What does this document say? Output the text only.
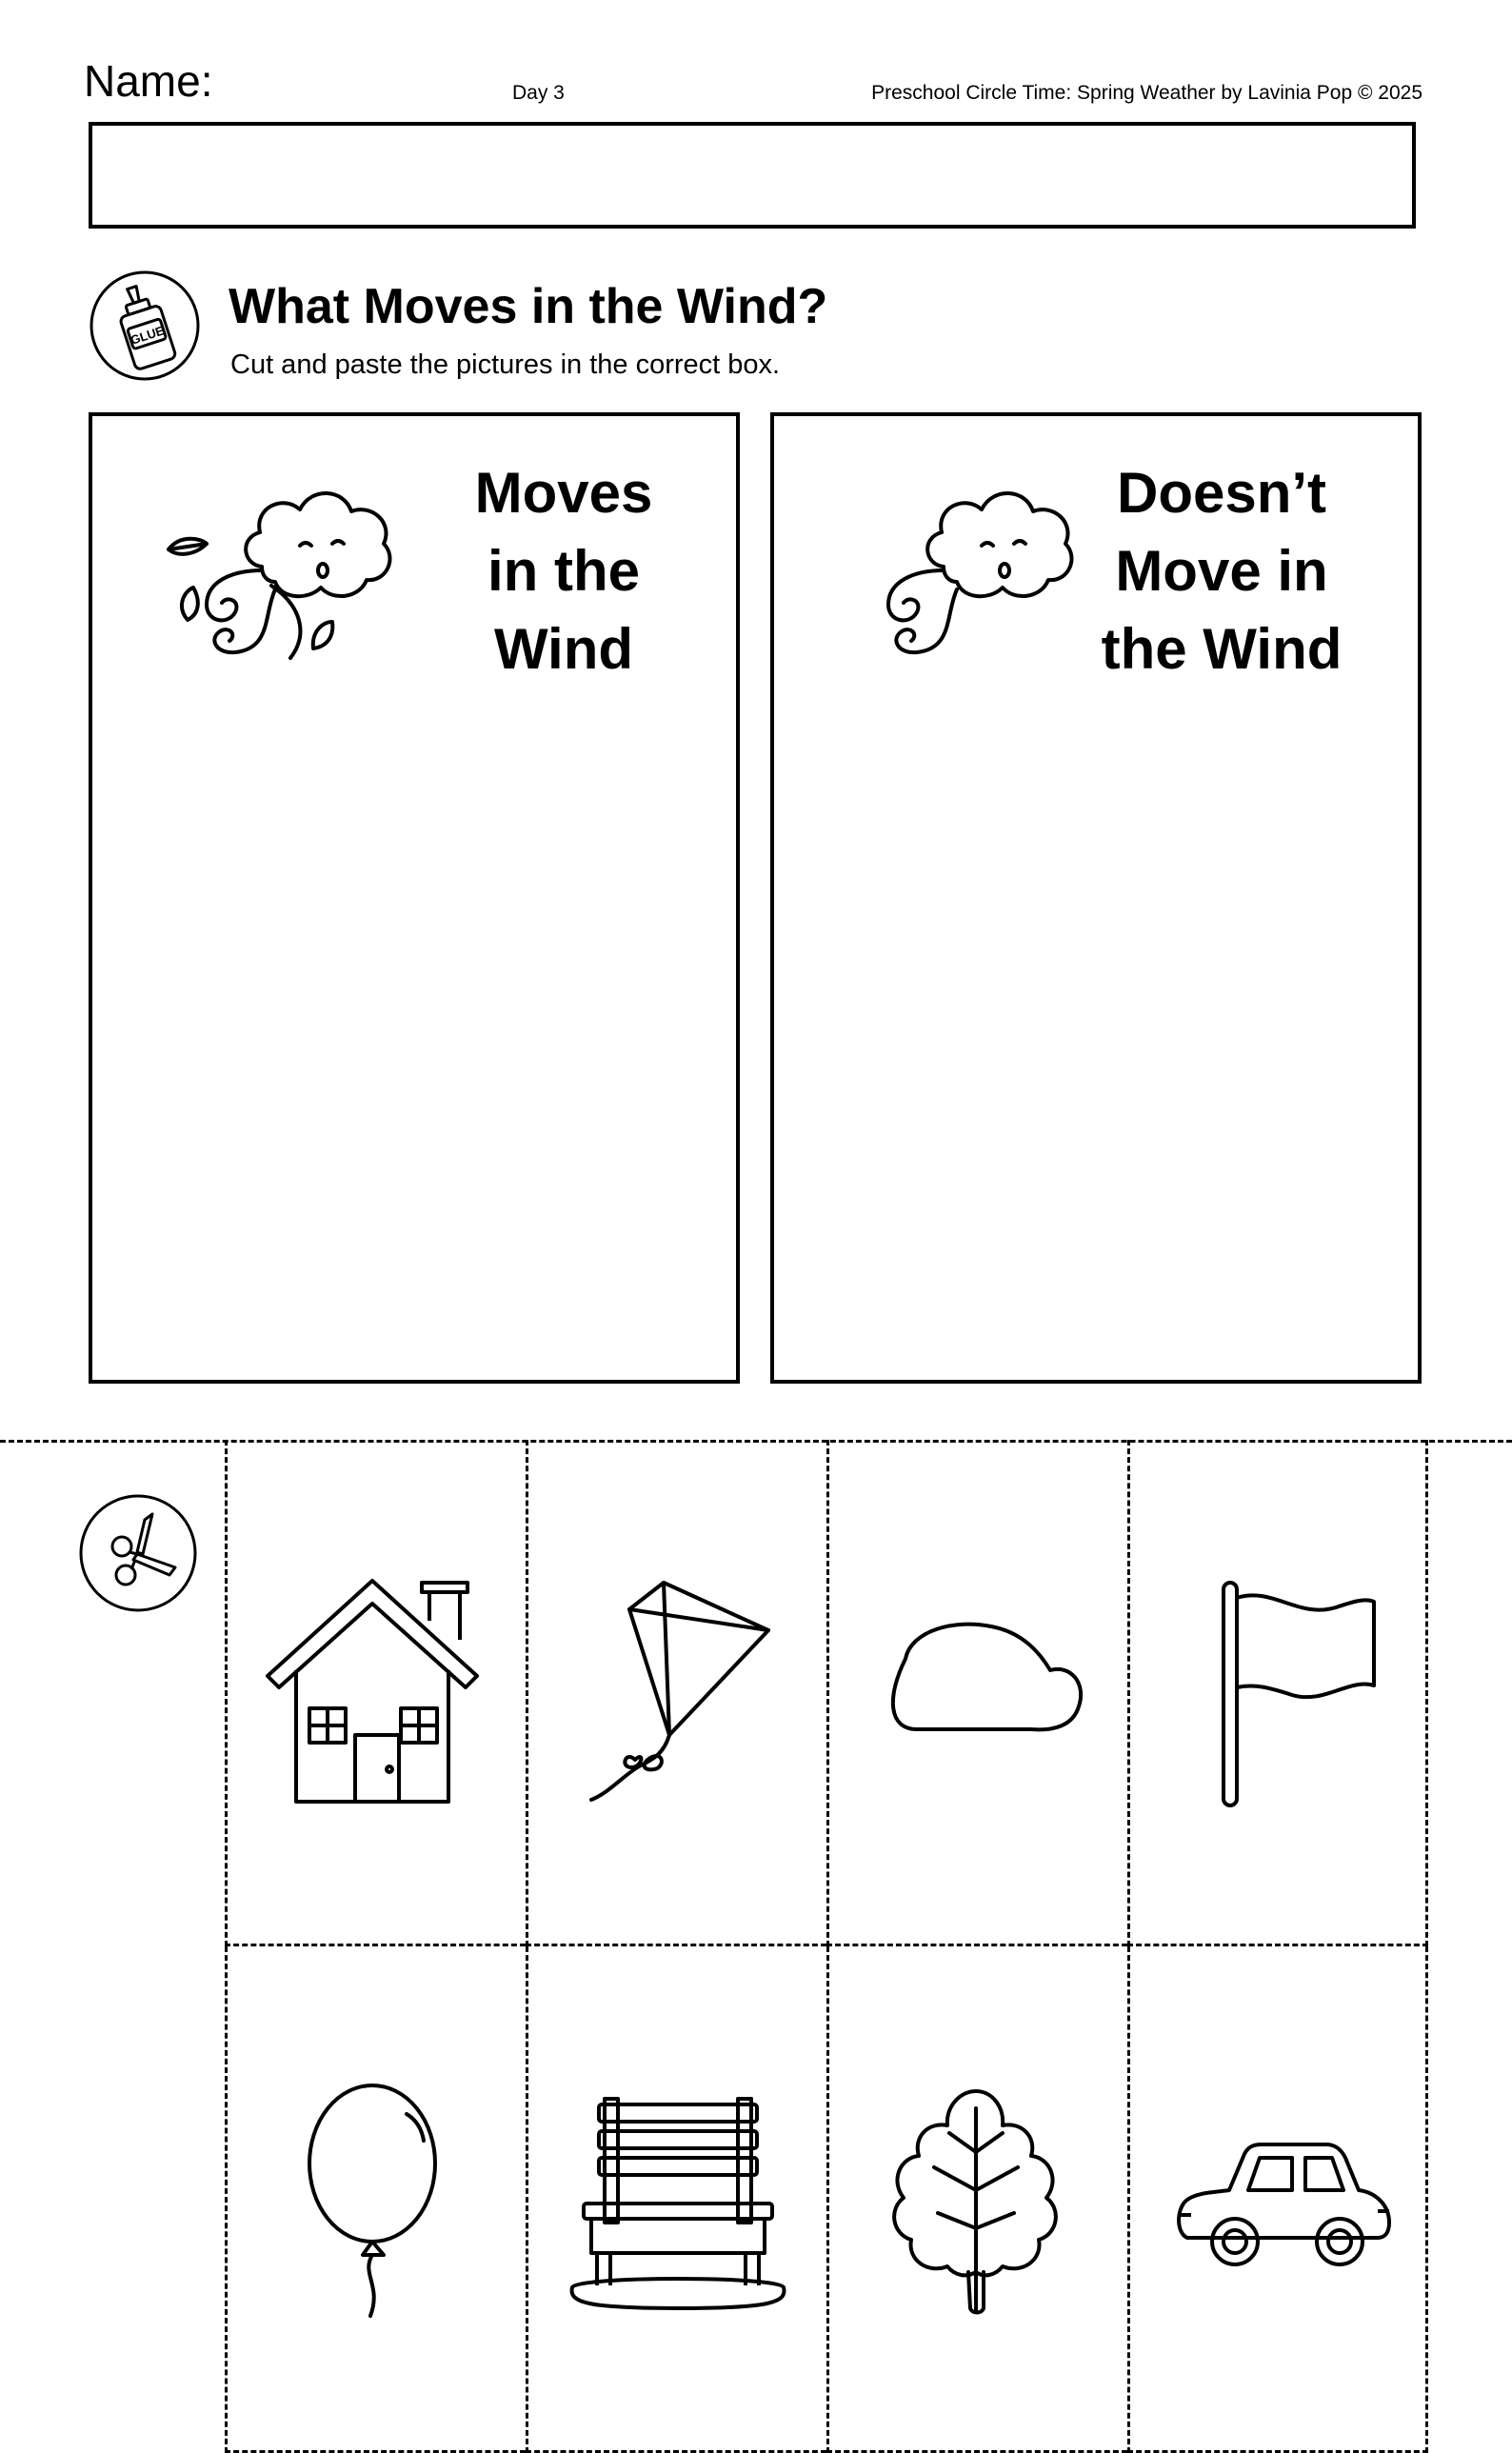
Name:	Day 3	Preschool Circle Time: Spring Weather by Lavinia Pop © 2025
GLUE
What Moves in the Wind?
Cut and paste the pictures in the correct box.
Moves
in the
Wind
Doesn’t
Move in
the Wind
